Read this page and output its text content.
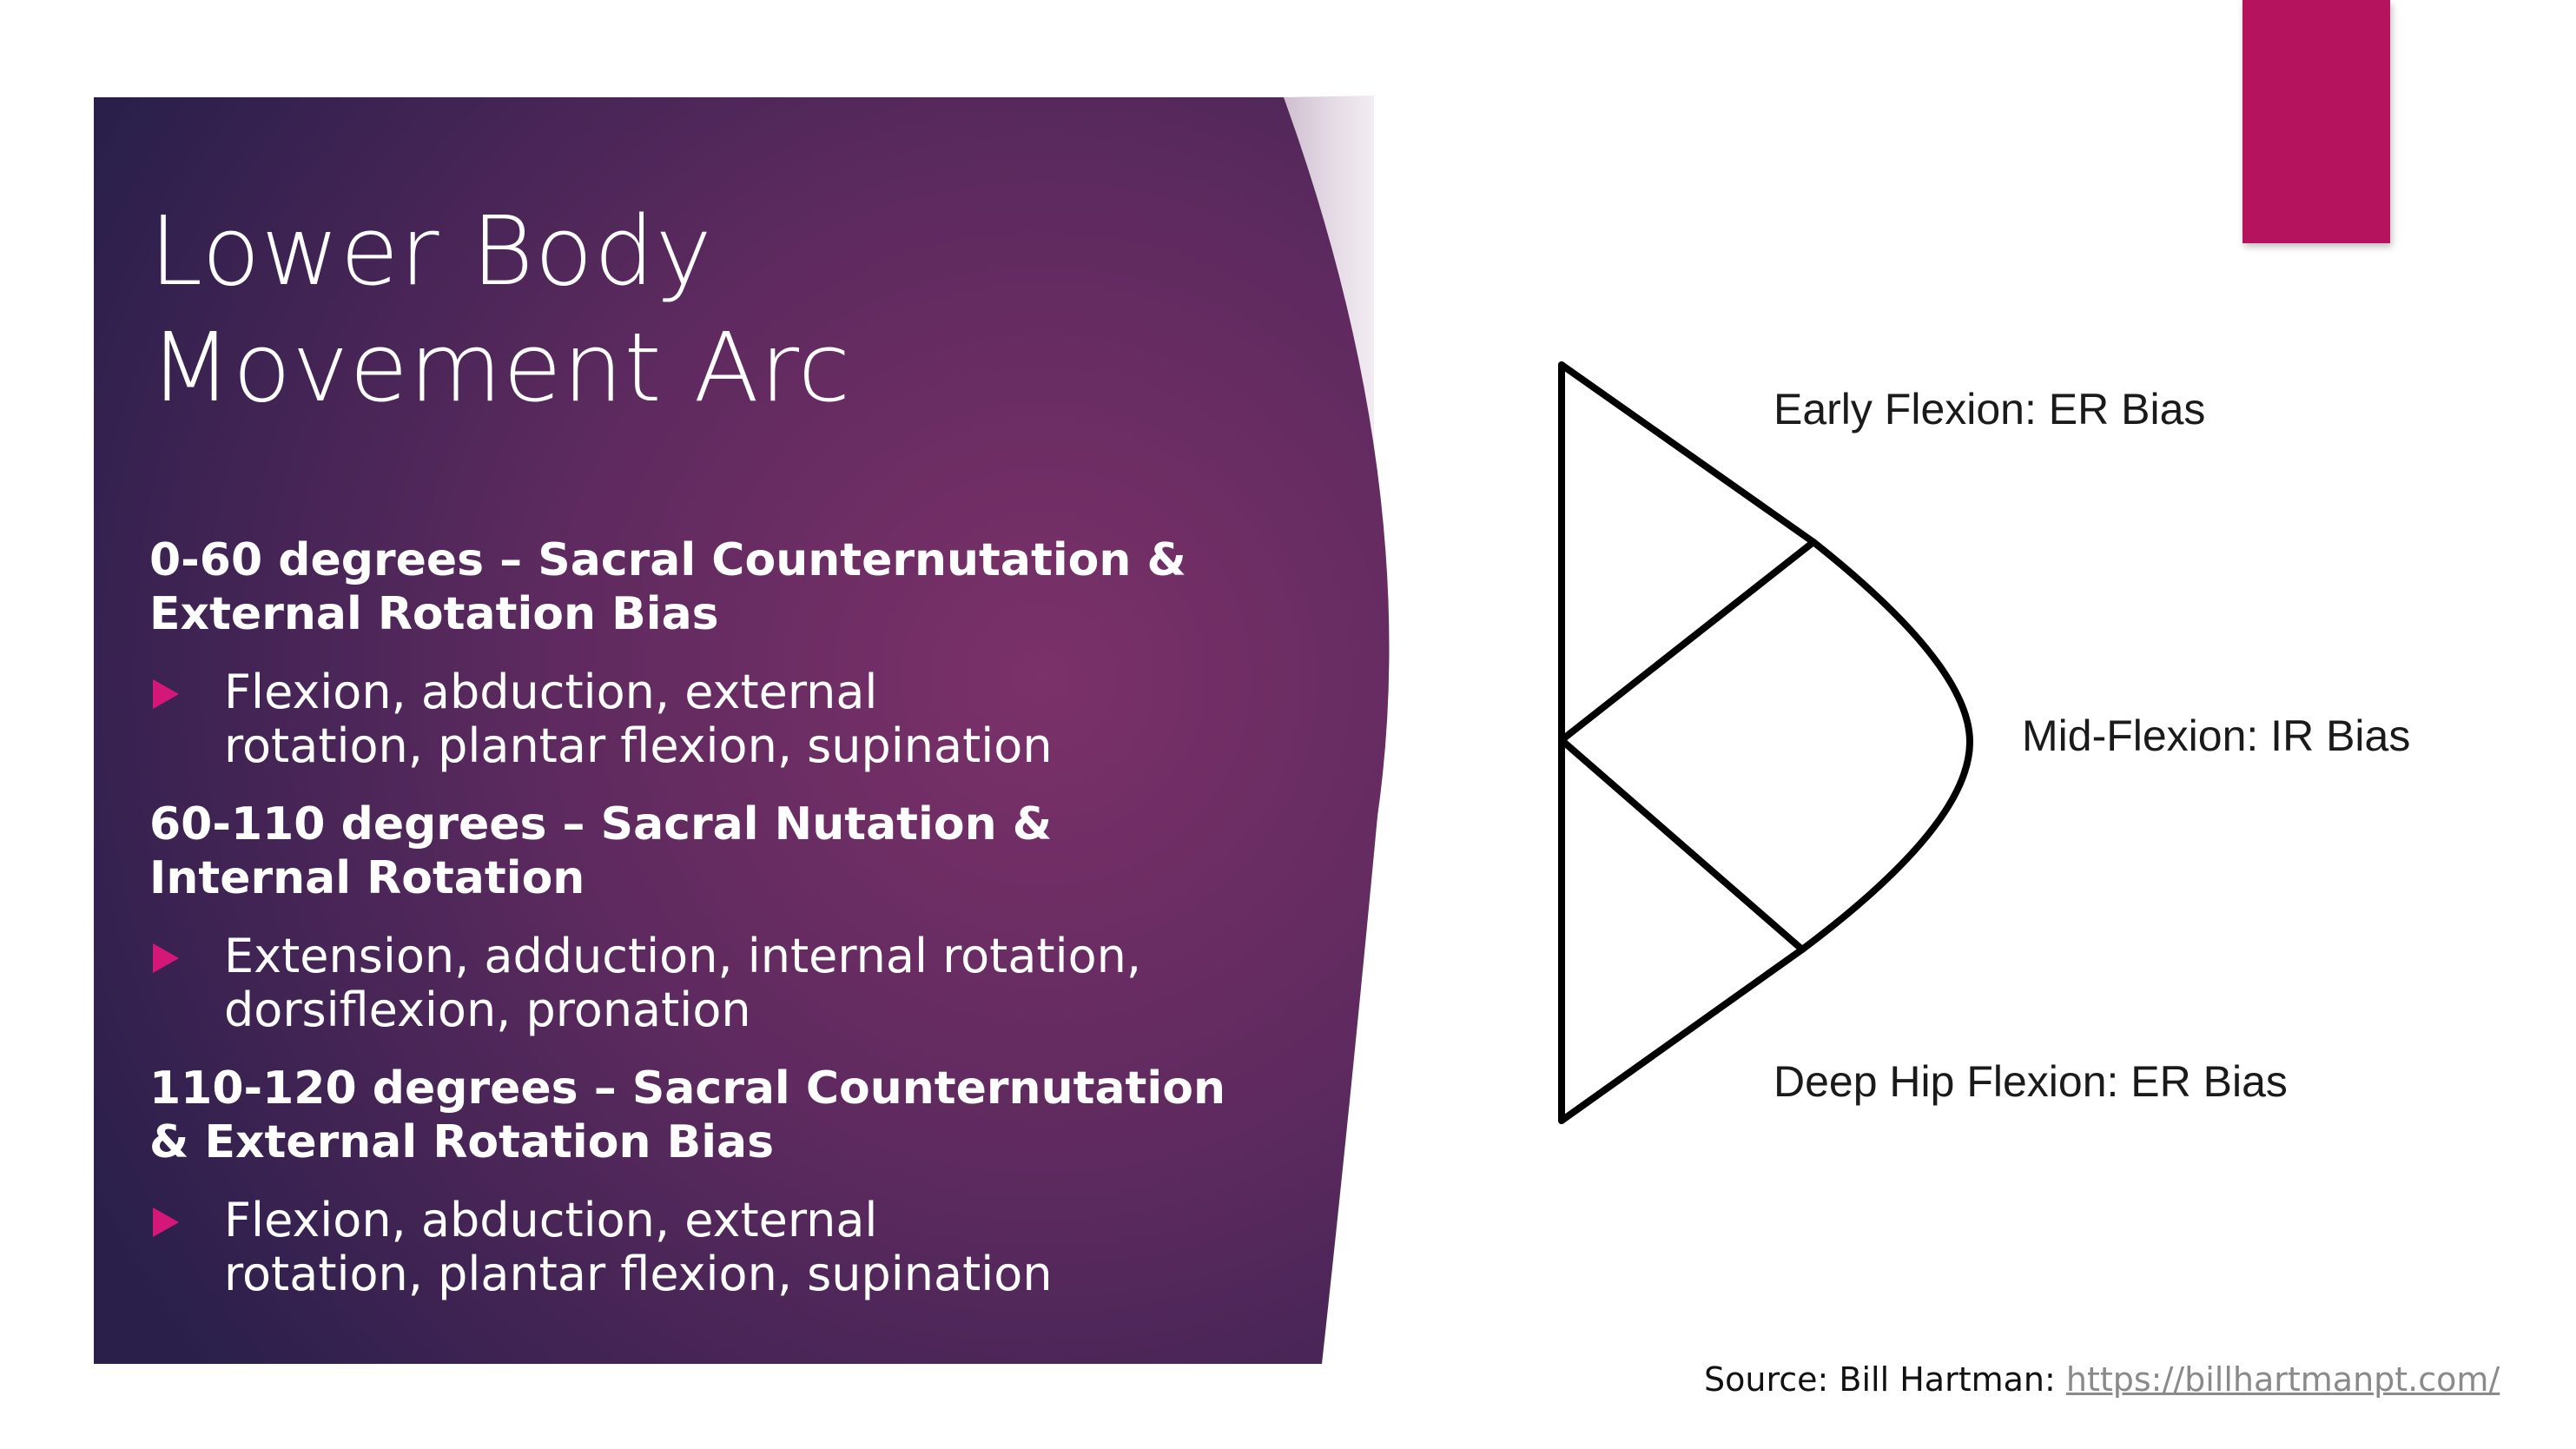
Lower Body
Movement Arc

0-60 degrees – Sacral Counternutation & External Rotation Bias

Flexion, abduction, external rotation, plantar flexion, supination

60-110 degrees – Sacral Nutation & Internal Rotation

Extension, adduction, internal rotation, dorsiflexion, pronation

110-120 degrees – Sacral Counternutation & External Rotation Bias

Flexion, abduction, external rotation, plantar flexion, supination
Early Flexion: ER Bias
Mid-Flexion: IR Bias
Deep Hip Flexion: ER Bias
Source: Bill Hartman: https://billhartmanpt.com/
